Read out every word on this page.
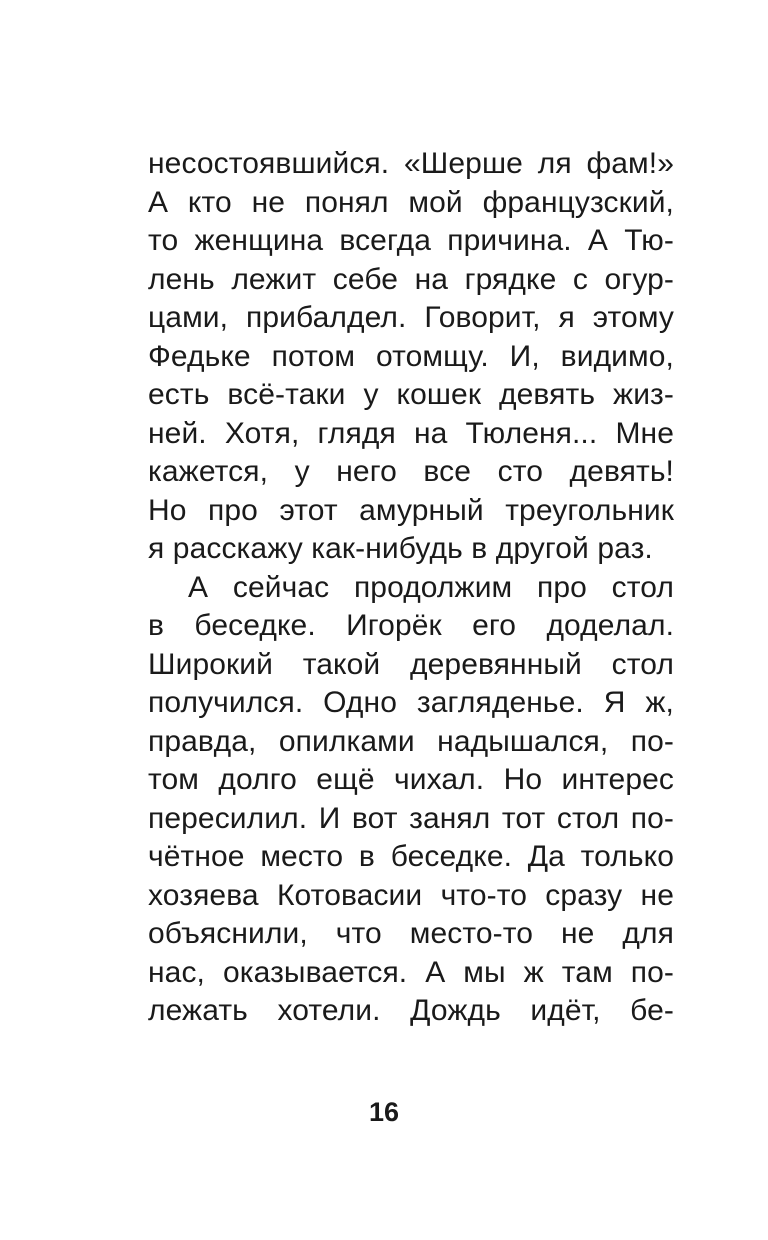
несостоявшийся. «Шерше ля фам!»
А кто не понял мой французский,
то женщина всегда причина. А Тю-
лень лежит себе на грядке с огур-
цами, прибалдел. Говорит, я этому
Федьке потом отомщу. И, видимо,
есть всё-таки у кошек девять жиз-
ней. Хотя, глядя на Тюленя... Мне
кажется, у него все сто девять!
Но про этот амурный треугольник
я расскажу как-нибудь в другой раз.
А сейчас продолжим про стол
в беседке. Игорёк его доделал.
Широкий такой деревянный стол
получился. Одно загляденье. Я ж,
правда, опилками надышался, по-
том долго ещё чихал. Но интерес
пересилил. И вот занял тот стол по-
чётное место в беседке. Да только
хозяева Котовасии что-то сразу не
объяснили, что место-то не для
нас, оказывается. А мы ж там по-
лежать хотели. Дождь идёт, бе-
16
